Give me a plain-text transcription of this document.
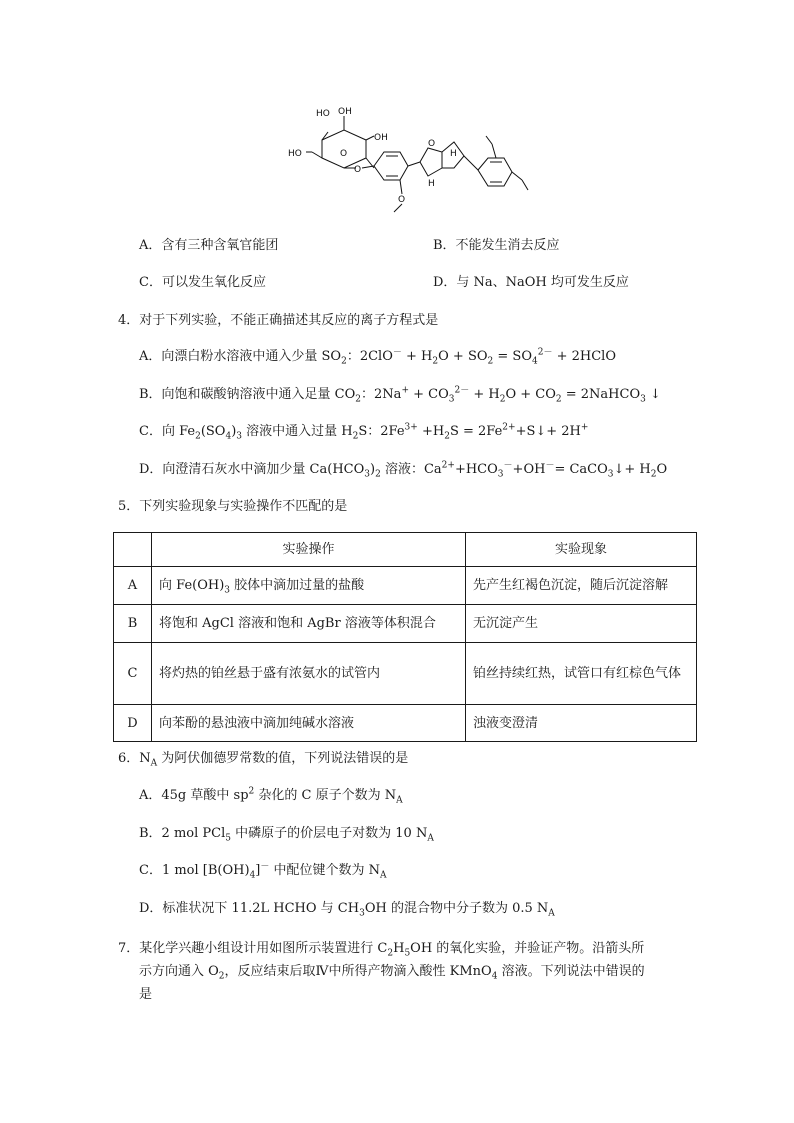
HO OH
OH
HO	O
O
O
O
H
H
A．含有三种含氧官能团	B．不能发生消去反应
C．可以发生氧化反应	D．与 Na、NaOH 均可发生反应
4．对于下列实验，不能正确描述其反应的离子方程式是
A．向漂白粉水溶液中通入少量 $SO_2$：$2ClO^- + H_2O + SO_2 = SO_4^{2-}$ + 2HClO
B．向饱和碳酸钠溶液中通入足量 $CO_2$：$2Na^+ + CO_3^{2-} + H_2O + CO_2$ = 2NaHCO$_3$ ↓
C．向 $Fe_2(SO_4)_3$ 溶液中通入过量 $H_2S$：$2Fe^{3+} +H_2S$ = $2Fe^{2+}+S↓+ 2H^+$
D．向澄清石灰水中滴加少量 $Ca(HCO_3)_2$ 溶液：$Ca^{2+}+HCO_3^-+OH^-=$ CaCO$_3$↓+ $H_2O$
5．下列实验现象与实验操作不匹配的是
	实验操作	实验现象
A	向 $Fe(OH)_3$ 胶体中滴加过量的盐酸	先产生红褐色沉淀，随后沉淀溶解
B	将饱和 AgCl 溶液和饱和 AgBr 溶液等体积混合	无沉淀产生
C	将灼热的铂丝悬于盛有浓氨水的试管内	铂丝持续红热，试管口有红棕色气体
D	向苯酚的悬浊液中滴加纯碱水溶液	浊液变澄清
6．$N_A$ 为阿伏伽德罗常数的值，下列说法错误的是
A．45g 草酸中 $sp^2$ 杂化的 C 原子个数为 $N_A$
B．2 mol PCl$_5$ 中磷原子的价层电子对数为 10 $N_A$
C．1 mol $[B(OH)_4]^-$ 中配位键个数为 $N_A$
D．标准状况下 11.2L HCHO 与 $CH_3OH$ 的混合物中分子数为 0.5 $N_A$
7．某化学兴趣小组设计用如图所示装置进行 $C_2H_5OH$ 的氧化实验，并验证产物。沿箭头所
示方向通入 $O_2$，反应结束后取Ⅳ中所得产物滴入酸性 KMnO$_4$ 溶液。下列说法中错误的
是
